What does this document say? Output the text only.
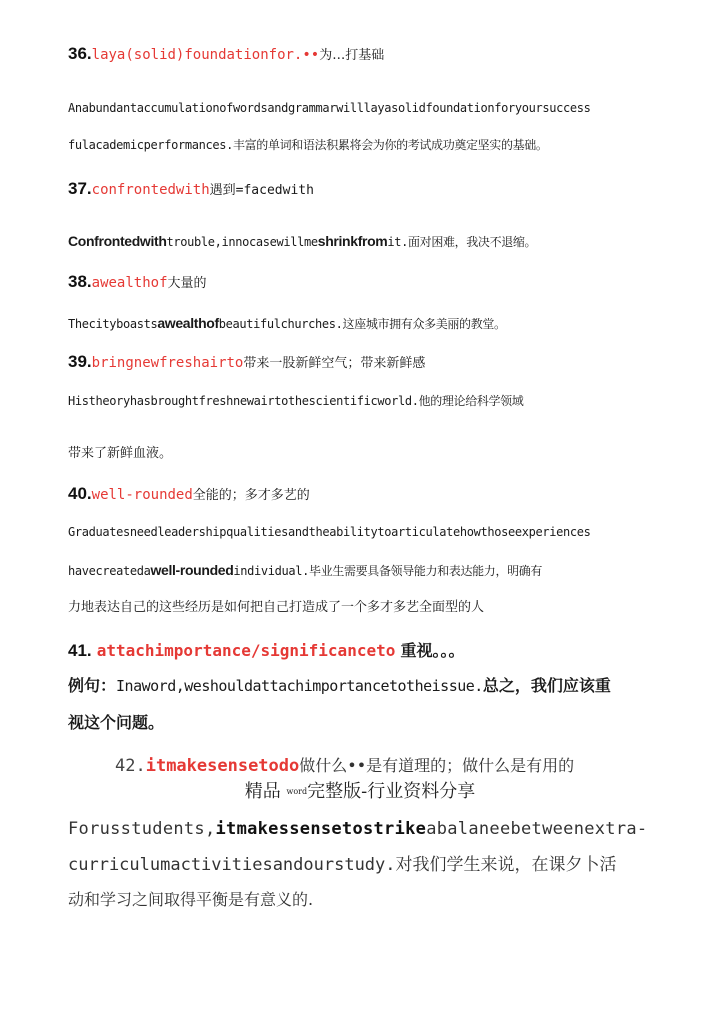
36.laya(solid)foundationfor.••为…打基础
Anabundantaccumulationofwordsandgrammarwilllayasolidfoundationforyoursuccess
fulacademicperformances.丰富的单词和语法积累将会为你的考试成功奠定坚实的基础。
37.confrontedwith遇到=facedwith
Confrontedwithtrouble,innocasewillmeshrinkfromit.面对困难，我决不退缩。
38.awealthof大量的
Thecityboastsawealthofbeautifulchurches.这座城市拥有众多美丽的教堂。
39.bringnewfreshairto带来一股新鲜空气；带来新鲜感
Histheoryhasbroughtfreshnewairtothescientificworld.他的理论给科学领域
带来了新鲜血液。
40.well-rounded全能的；多才多艺的
Graduatesneedleadershipqualitiesandtheabilitytoarticulatehowthoseexperiences
havecreatedawell-roundedindividual.毕业生需要具备领导能力和表达能力，明确有
力地表达自己的这些经历是如何把自己打造成了一个多才多艺全面型的人
41. attachimportance/significanceto 重视。。。
例句：Inaword,weshouldattachimportancetotheissue.总之，我们应该重
视这个问题。
42.itmakesensetodo做什么••是有道理的；做什么是有用的
精品 word完整版-行业资料分享
Forusstudents,itmakessensetostrikeabalaneebetweenextra-
curriculumactivitiesandourstudy.对我们学生来说，在课夕卜活
动和学习之间取得平衡是有意义的.
